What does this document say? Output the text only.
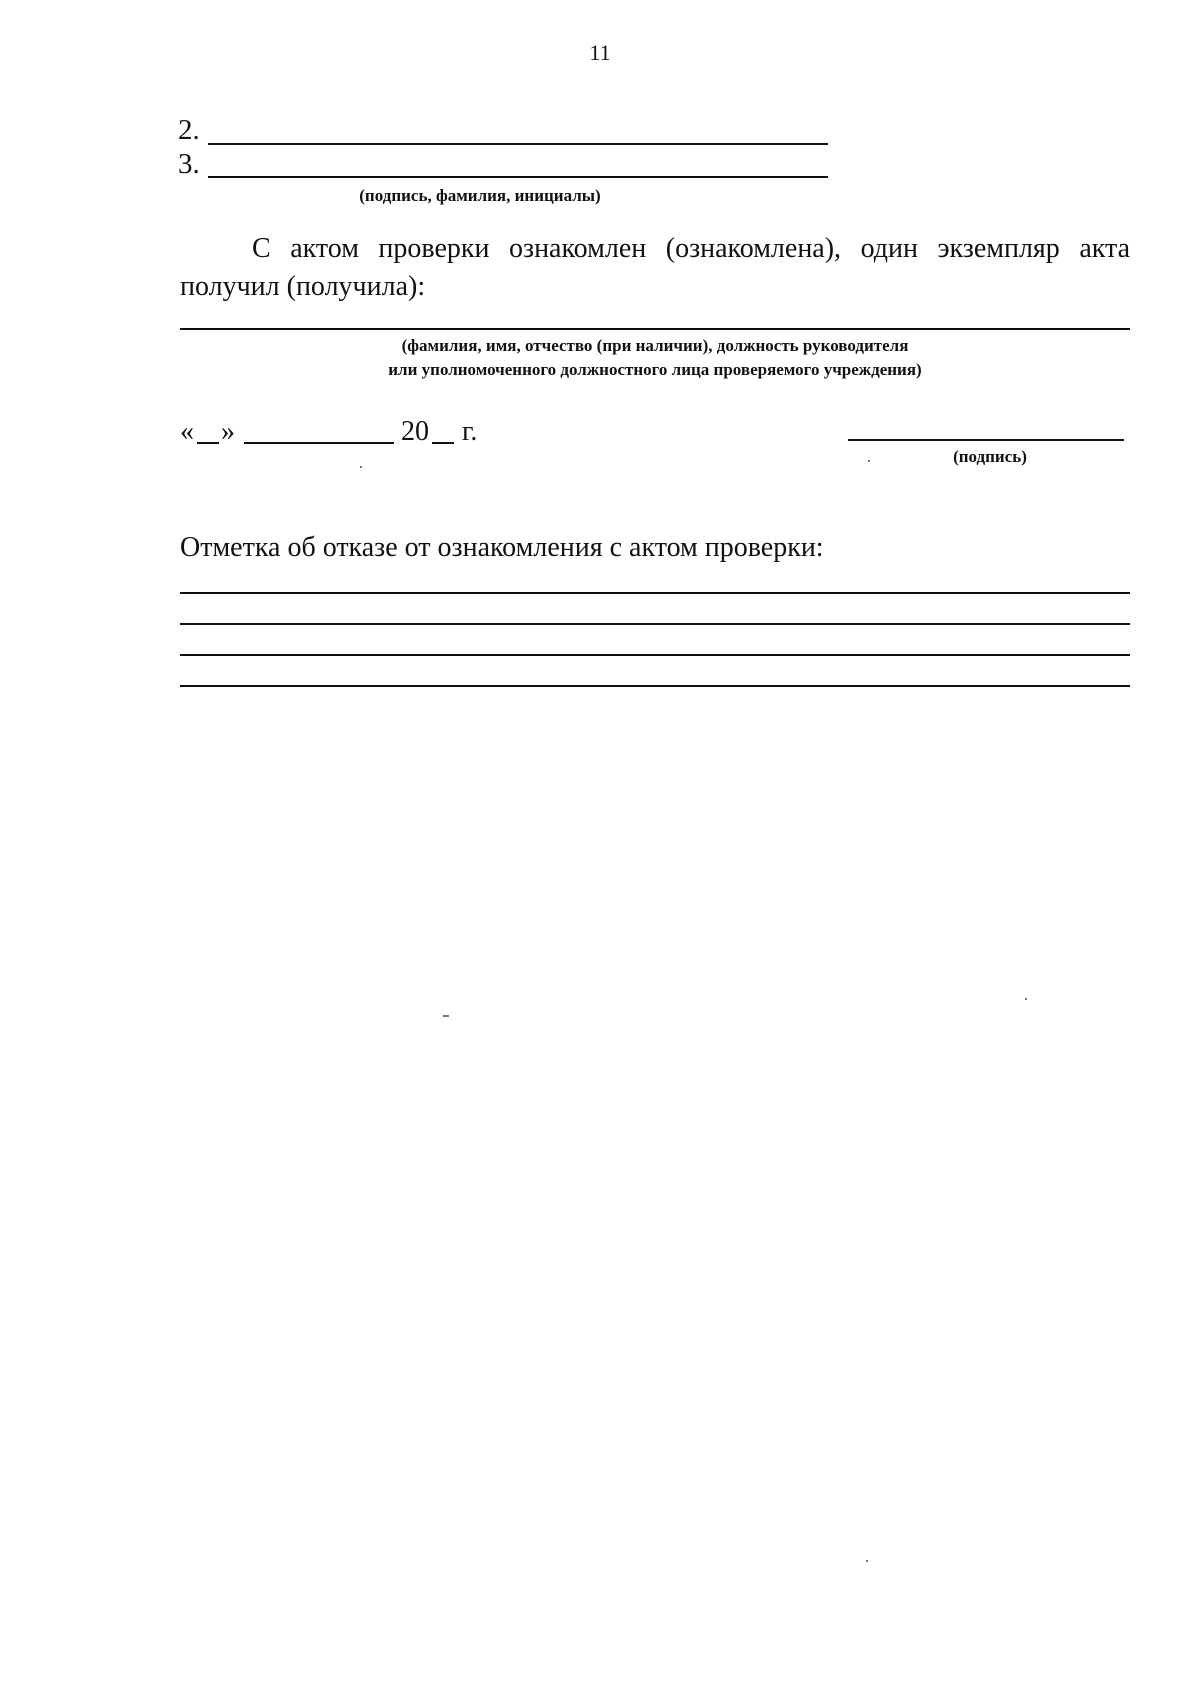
11
2.
3.
(подпись, фамилия, инициалы)
С актом проверки ознакомлен (ознакомлена), один экземпляр акта получил (получила):
(фамилия, имя, отчество (при наличии), должность руководителя
или уполномоченного должностного лица проверяемого учреждения)
« »	20 г.
(подпись)
Отметка об отказе от ознакомления с актом проверки:
